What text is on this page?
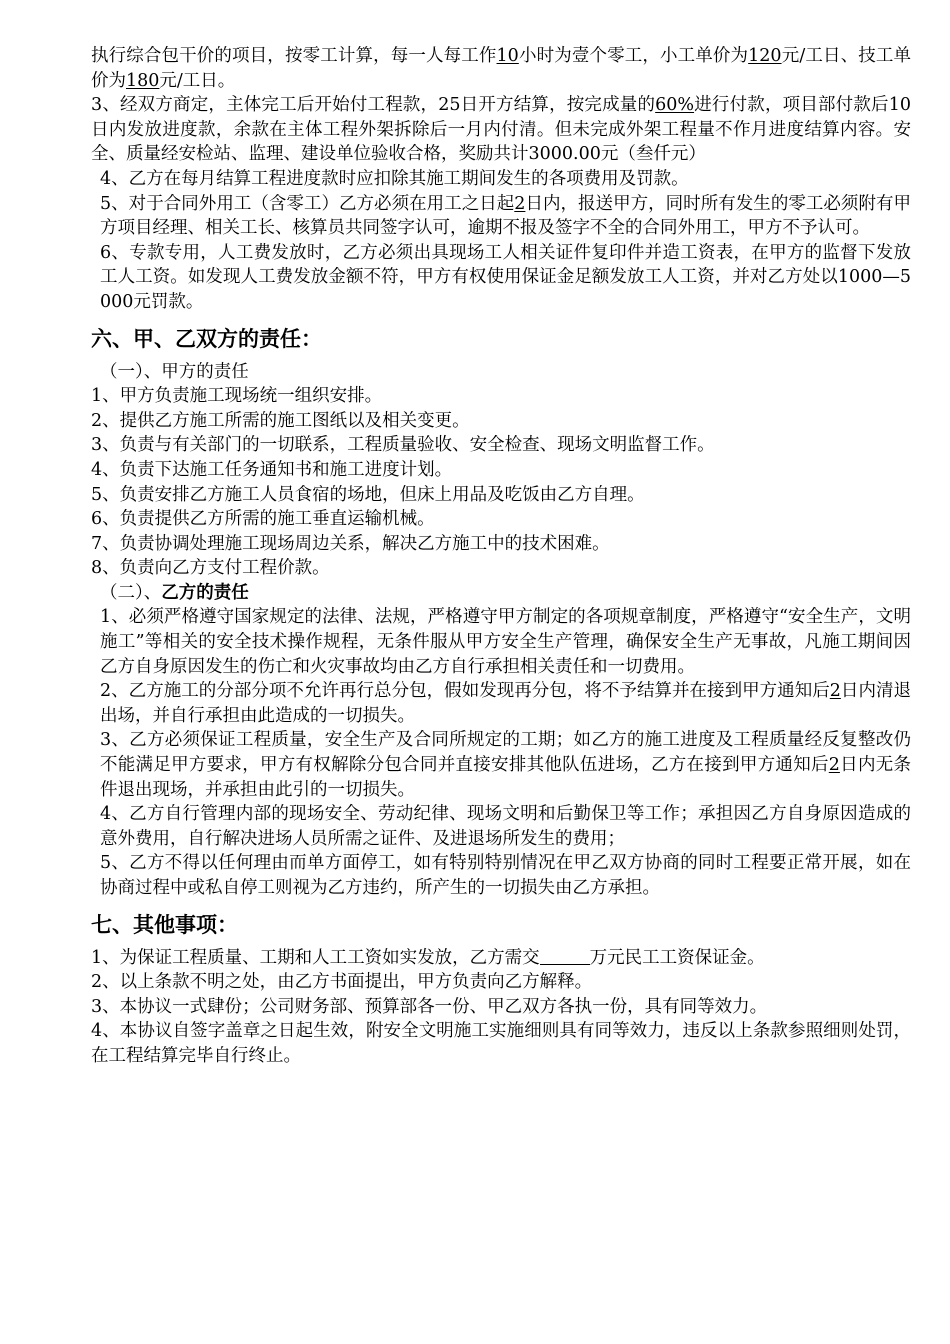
执行综合包干价的项目，按零工计算，每一人每工作10小时为壹个零工，小工单价为120元/工日、技工单价为180元/工日。

3、经双方商定，主体完工后开始付工程款，25日开方结算，按完成量的60%进行付款，项目部付款后10日内发放进度款，余款在主体工程外架拆除后一月内付清。但未完成外架工程量不作月进度结算内容。安全、质量经安检站、监理、建设单位验收合格，奖励共计3000.00元（叁仟元）

4、乙方在每月结算工程进度款时应扣除其施工期间发生的各项费用及罚款。

5、对于合同外用工（含零工）乙方必须在用工之日起2日内，报送甲方，同时所有发生的零工必须附有甲方项目经理、相关工长、核算员共同签字认可，逾期不报及签字不全的合同外用工，甲方不予认可。

6、专款专用，人工费发放时，乙方必须出具现场工人相关证件复印件并造工资表，在甲方的监督下发放工人工资。如发现人工费发放金额不符，甲方有权使用保证金足额发放工人工资，并对乙方处以1000—5000元罚款。

六、甲、乙双方的责任：

（一）、甲方的责任

1、甲方负责施工现场统一组织安排。

2、提供乙方施工所需的施工图纸以及相关变更。

3、负责与有关部门的一切联系，工程质量验收、安全检查、现场文明监督工作。

4、负责下达施工任务通知书和施工进度计划。

5、负责安排乙方施工人员食宿的场地，但床上用品及吃饭由乙方自理。

6、负责提供乙方所需的施工垂直运输机械。

7、负责协调处理施工现场周边关系，解决乙方施工中的技术困难。

8、负责向乙方支付工程价款。

（二）、乙方的责任

1、必须严格遵守国家规定的法律、法规，严格遵守甲方制定的各项规章制度，严格遵守“安全生产，文明施工”等相关的安全技术操作规程，无条件服从甲方安全生产管理，确保安全生产无事故，凡施工期间因乙方自身原因发生的伤亡和火灾事故均由乙方自行承担相关责任和一切费用。

2、乙方施工的分部分项不允许再行总分包，假如发现再分包，将不予结算并在接到甲方通知后2日内清退出场，并自行承担由此造成的一切损失。

3、乙方必须保证工程质量，安全生产及合同所规定的工期；如乙方的施工进度及工程质量经反复整改仍不能满足甲方要求，甲方有权解除分包合同并直接安排其他队伍进场，乙方在接到甲方通知后2日内无条件退出现场，并承担由此引的一切损失。

4、乙方自行管理内部的现场安全、劳动纪律、现场文明和后勤保卫等工作；承担因乙方自身原因造成的意外费用，自行解决进场人员所需之证件、及进退场所发生的费用；

5、乙方不得以任何理由而单方面停工，如有特别特别情况在甲乙双方协商的同时工程要正常开展，如在协商过程中或私自停工则视为乙方违约，所产生的一切损失由乙方承担。

七、其他事项：

1、为保证工程质量、工期和人工工资如实发放，乙方需交	万元民工工资保证金。

2、以上条款不明之处，由乙方书面提出，甲方负责向乙方解释。

3、本协议一式肆份；公司财务部、预算部各一份、甲乙双方各执一份，具有同等效力。

4、本协议自签字盖章之日起生效，附安全文明施工实施细则具有同等效力，违反以上条款参照细则处罚，在工程结算完毕自行终止。
